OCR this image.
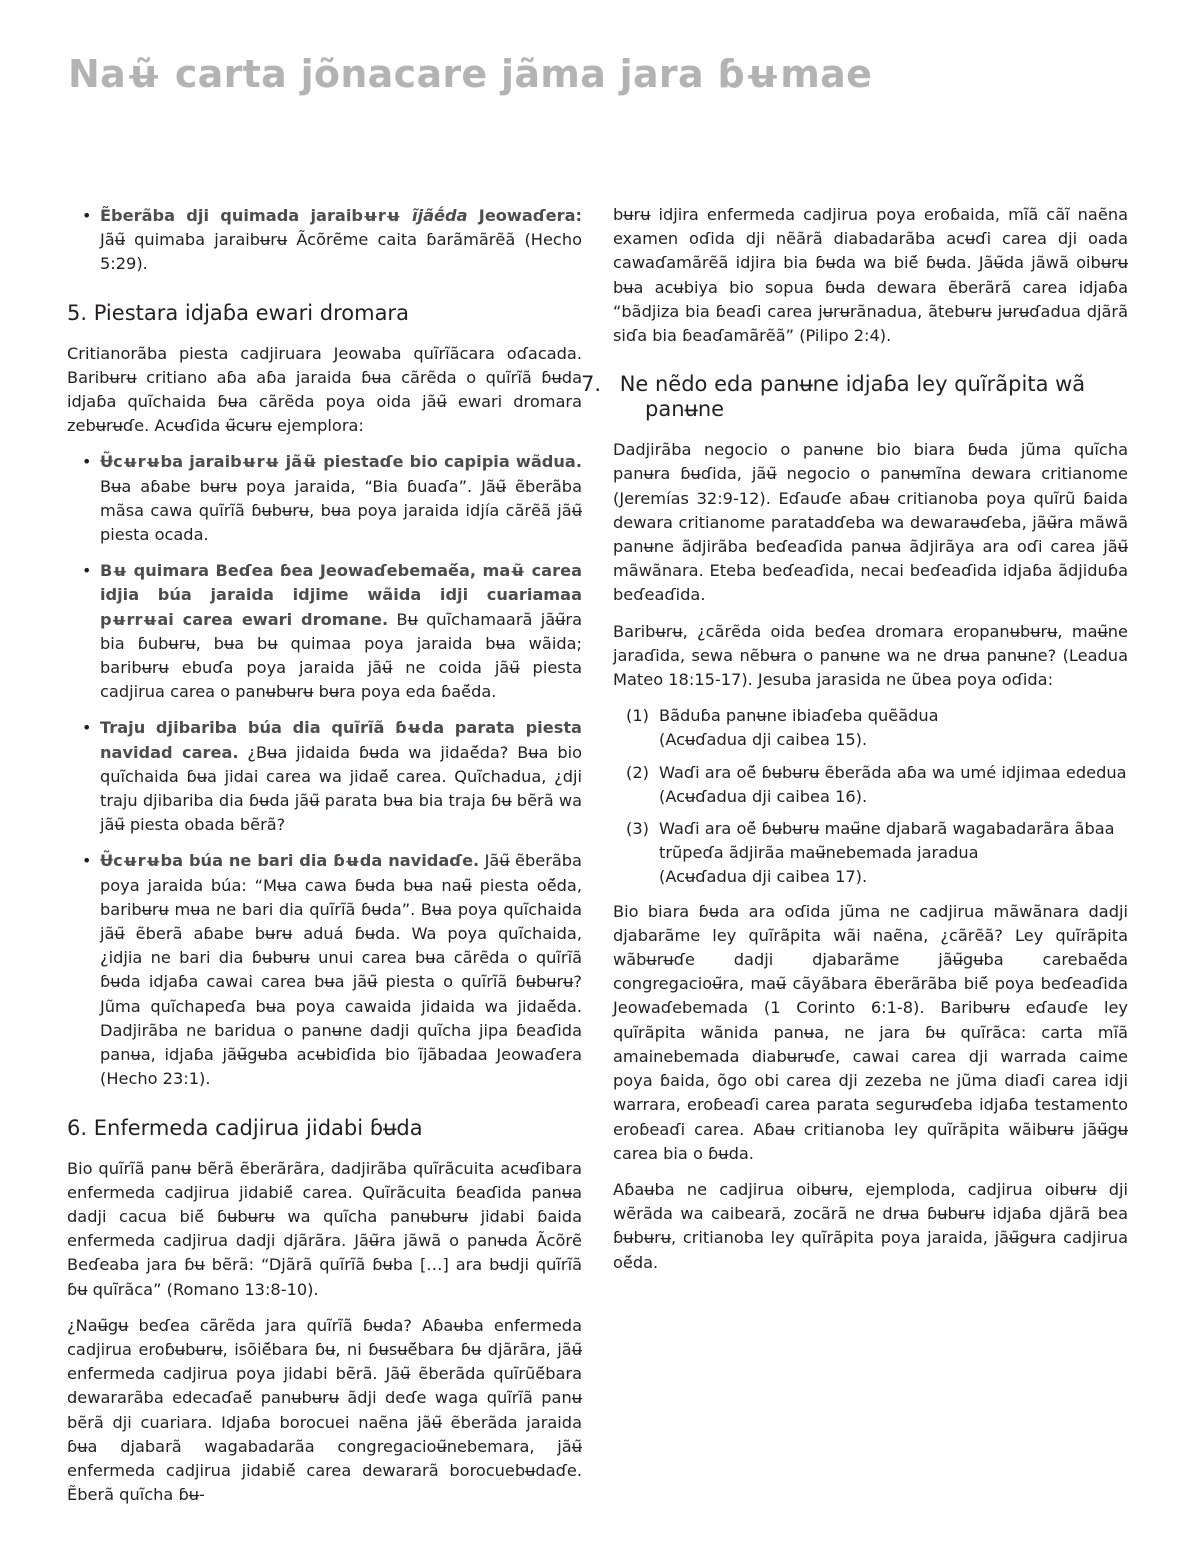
Naʉ̃ carta jõnacare jãma jara ɓʉmae
• Ẽberãba dji quimada jaraibʉrʉ ı̃jãḗda Jeowaɗera: Jãʉ̃ quimaba jaraibʉrʉ Ãcõrẽme caita ɓarãmãrẽã (Hecho 5:29).
5. Piestara idjaɓa ewari dromara

Critianorãba piesta cadjiruara Jeowaba quĩrĩãcara oɗacada. Baribʉrʉ critiano aɓa aɓa jaraida ɓʉa cãrẽda o quĩrĩã ɓʉda idjaɓa quĩchaida ɓʉa cãrẽda poya oida jãʉ̃ ewari dromara zebʉrʉɗe. Acʉɗida ʉ̃cʉrʉ ejemplora:

• Ʉ̃cʉrʉba jaraibʉrʉ jãʉ̃ piestaɗe bio capipia wãdua. Bʉa aɓabe bʉrʉ poya jaraida, “Bia ɓuaɗa”. Jãʉ̃ ẽberãba mãsa cawa quĩrĩã ɓʉbʉrʉ, bʉa poya jaraida idjía cãrẽã jãʉ̃ piesta ocada.
• Bʉ quimara Beɗea ɓea Jeowaɗebemaẽ́a, maʉ̃ carea idjia búa jaraida idjime wãida idji cuariamaa pʉrrʉai carea ewari dromane. Bʉ quĩchamaarã jãʉ̃ra bia ɓubʉrʉ, bʉa bʉ quimaa poya jaraida bʉa wãida; baribʉrʉ ebuɗa poya jaraida jãʉ̃ ne coida jãʉ̃ piesta cadjirua carea o panʉbʉrʉ bʉra poya eda ɓaẽ́da.
• Traju djibariba búa dia quĩrĩã ɓʉda parata piesta navidad carea. ¿Bʉa jidaida ɓʉda wa jidaẽ́da? Bʉa bio quĩchaida ɓʉa jidai carea wa jidaẽ́ carea. Quĩchadua, ¿dji traju djibariba dia ɓʉda jãʉ̃ parata bʉa bia traja ɓʉ bẽrã wa jãʉ̃ piesta obada bẽrã?
• Ʉ̃cʉrʉba búa ne bari dia ɓʉda navidaɗe. Jãʉ̃ ẽberãba poya jaraida búa: “Mʉa cawa ɓʉda bʉa naʉ̃ piesta oẽ́da, baribʉrʉ mʉa ne bari dia quĩrĩã ɓʉda”. Bʉa poya quĩchaida jãʉ̃ ẽberã aɓabe bʉrʉ aduá ɓʉda. Wa poya quĩchaida, ¿idjia ne bari dia ɓʉbʉrʉ unui carea bʉa cãrẽda o quĩrĩã ɓʉda idjaɓa cawai carea bʉa jãʉ̃ piesta o quĩrĩã ɓʉbʉrʉ? Jũma quĩchapeɗa bʉa poya cawaida jidaida wa jidaẽ́da. Dadjirãba ne baridua o panʉne dadji quĩcha jipa ɓeaɗida panʉa, idjaɓa jãʉ̃gʉba acʉbiɗida bio ı̃jãbadaa Jeowaɗera (Hecho 23:1).
6. Enfermeda cadjirua jidabi ɓʉda

Bio quĩrĩã panʉ bẽrã ẽberãrãra, dadjirãba quĩrãcuita acʉɗibara enfermeda cadjirua jidabiẽ́ carea. Quĩrãcuita ɓeaɗida panʉa dadji cacua biẽ́ ɓʉbʉrʉ wa quĩcha panʉbʉrʉ jidabi ɓaida enfermeda cadjirua dadji djãrãra. Jãʉ̃ra jãwã o panʉda Ãcõrẽ Beɗeaba jara ɓʉ bẽrã: “Djãrã quĩrĩã ɓʉba […] ara bʉdji quĩrĩã ɓʉ quĩrãca” (Romano 13:8-10).

¿Naʉ̃gʉ beɗea cãrẽda jara quĩrĩã ɓʉda? Aɓaʉba enfermeda cadjirua eroɓʉbʉrʉ, isõiẽ́bara ɓʉ, ni ɓʉsʉẽ́bara ɓʉ djãrãra, jãʉ̃ enfermeda cadjirua poya jidabi bẽrã. Jãʉ̃ ẽberãda quĩrũẽ́bara dewararãba edecaɗaẽ́ panʉbʉrʉ ãdji deɗe waga quĩrĩã panʉ bẽrã dji cuariara. Idjaɓa borocuei naẽna jãʉ̃ ẽberãda jaraida ɓʉa djabarã wagabadarãa congregacioʉ̃nebemara, jãʉ̃ enfermeda cadjirua jidabiẽ́ carea dewararã borocuebʉdaɗe. Ẽberã quĩcha ɓʉ-

bʉrʉ idjira enfermeda cadjirua poya eroɓaida, mĩã cãĩ naẽna examen oɗida dji nẽãrã diabadarãba acʉɗi carea dji oada cawaɗamãrẽã idjira bia ɓʉda wa biẽ́ ɓʉda. Jãʉ̃da jãwã oibʉrʉ bʉa acʉbiya bio sopua ɓʉda dewara ẽberãrã carea idjaɓa “bãdjiza bia ɓeaɗi carea jʉrʉrãnadua, ãtebʉrʉ jʉrʉɗadua djãrã siɗa bia ɓeaɗamãrẽã” (Pilipo 2:4).

7. Ne nẽdo eda panʉne idjaɓa ley quĩrãpita wã panʉne

Dadjirãba negocio o panʉne bio biara ɓʉda jũma quĩcha panʉra ɓʉɗida, jãʉ̃ negocio o panʉmĩna dewara critianome (Jeremías 32:9-12). Eɗauɗe aɓaʉ critianoba poya quĩrũ ɓaida dewara critianome paratadɗeba wa dewaraʉɗeba, jãʉ̃ra mãwã panʉne ãdjirãba beɗeaɗida panʉa ãdjirãya ara oɗi carea jãʉ̃ mãwãnara. Eteba beɗeaɗida, necai beɗeaɗida idjaɓa ãdjiduɓa beɗeaɗida.

Baribʉrʉ, ¿cãrẽda oida beɗea dromara eropanʉbʉrʉ, maʉ̃ne jaraɗida, sewa nẽbʉra o panʉne wa ne drʉa panʉne? (Leadua Mateo 18:15-17). Jesuba jarasida ne ũbea poya oɗida:

(1) Bãduɓa panʉne ibiaɗeba quẽãdua
(Acʉɗadua dji caibea 15).
(2) Waɗi ara oẽ́ ɓʉbʉrʉ ẽberãda aɓa wa umé idjimaa ededua
(Acʉɗadua dji caibea 16).
(3) Waɗi ara oẽ́ ɓʉbʉrʉ maʉ̃ne djabarã wagabadarãra ãbaa trũpeɗa ãdjirãa maʉ̃nebemada jaradua
(Acʉɗadua dji caibea 17).

Bio biara ɓʉda ara oɗida jũma ne cadjirua mãwãnara dadji djabarãme ley quĩrãpita wãi naẽna, ¿cãrẽã? Ley quĩrãpita wãbʉrʉɗe dadji djabarãme jãʉ̃gʉba carebaẽ́da congregacioʉ̃ra, maʉ̃ cãyãbara ẽberãrãba biẽ́ poya beɗeaɗida Jeowaɗebemada (1 Corinto 6:1-8). Baribʉrʉ eɗauɗe ley quĩrãpita wãnida panʉa, ne jara ɓʉ quĩrãca: carta mĩã amainebemada diabʉrʉɗe, cawai carea dji warrada caime poya ɓaida, õgo obi carea dji zezeba ne jũma diaɗi carea idji warrara, eroɓeaɗi carea parata segurʉɗeba idjaɓa testamento eroɓeaɗi carea. Aɓaʉ critianoba ley quĩrãpita wãibʉrʉ jãʉ̃gʉ carea bia o ɓʉda.

Aɓaʉba ne cadjirua oibʉrʉ, ejemploda, cadjirua oibʉrʉ dji wẽrãda wa caibeară, zocãrã ne drʉa ɓʉbʉrʉ idjaɓa djãrã bea ɓʉbʉrʉ, critianoba ley quĩrãpita poya jaraida, jãʉ̃gʉra cadjirua oẽ́da.
